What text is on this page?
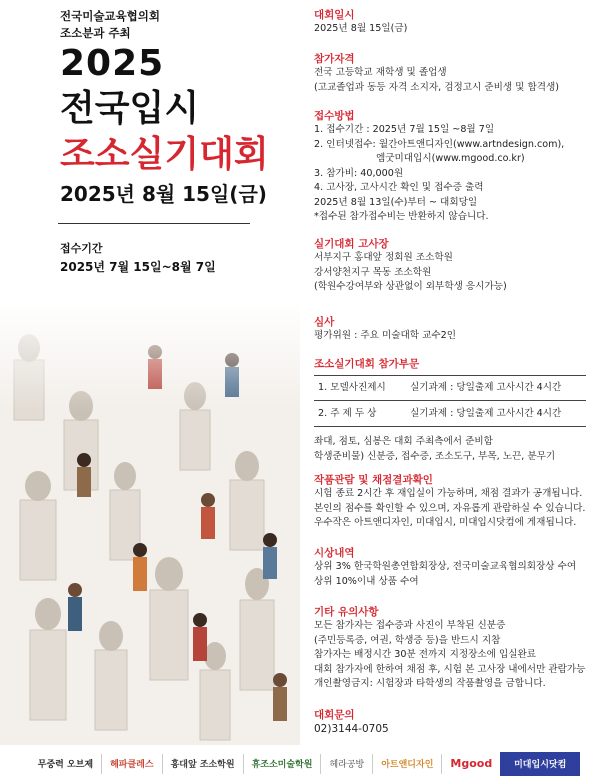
전국미술교육협의회
조소분과 주최
2025
전국입시
조소실기대회
2025년 8월 15일(금)
접수기간
2025년 7월 15일~8월 7일
대회일시
2025년 8월 15일(금)
참가자격
전국 고등학교 재학생 및 졸업생
(고교졸업과 동등 자격 소지자, 검정고시 준비생 및 합격생)
접수방법
1. 접수기간 : 2025년 7월 15일 ~8월 7일
2. 인터넷접수: 월간아트앤디자인(www.artndesign.com),
엠굿미대입시(www.mgood.co.kr)
3. 참가비: 40,000원
4. 고사장, 고사시간 확인 및 접수증 출력
2025년 8월 13일(수)부터 ~ 대회당일
*접수된 참가접수비는 반환하지 않습니다.
실기대회 고사장
서부지구 홍대앞 정회원 조소학원
강서양천지구 목동 조소학원
(학원수강여부와 상관없이 외부학생 응시가능)
심사
평가위원 : 주요 미술대학 교수2인
조소실기대회 참가부문
1. 모델사진제시	실기과제 : 당일출제 고사시간 4시간
2. 주 제 두 상	실기과제 : 당일출제 고사시간 4시간
좌대, 점토, 심봉은 대회 주최측에서 준비함
학생준비물) 신분증, 접수증, 조소도구, 부목, 노끈, 분무기
작품관람 및 채점결과확인
시험 종료 2시간 후 재입실이 가능하며, 채점 결과가 공개됩니다.
본인의 점수를 확인할 수 있으며, 자유롭게 관람하실 수 있습니다.
우수작은 아트앤디자인, 미대입시, 미대입시닷컴에 게재됩니다.
시상내역
상위 3% 한국학원총연합회장상, 전국미술교육협의회장상 수여
상위 10%이내 상품 수여
기타 유의사항
모든 참가자는 접수증과 사진이 부착된 신분증
(주민등록증, 여권, 학생증 등)을 반드시 지참
참가자는 배정시간 30분 전까지 지정장소에 입실완료
대회 참가자에 한하여 채점 후, 시험 본 고사장 내에서만 관람가능
개인촬영금지: 시험장과 타학생의 작품촬영을 금합니다.
대회문의
02)3144-0705
무중력 오브제	헤파클레스	홍대앞 조소학원	휴조소미술학원	헤라공방	아트앤디자인	Mgood	미대입시닷컴
